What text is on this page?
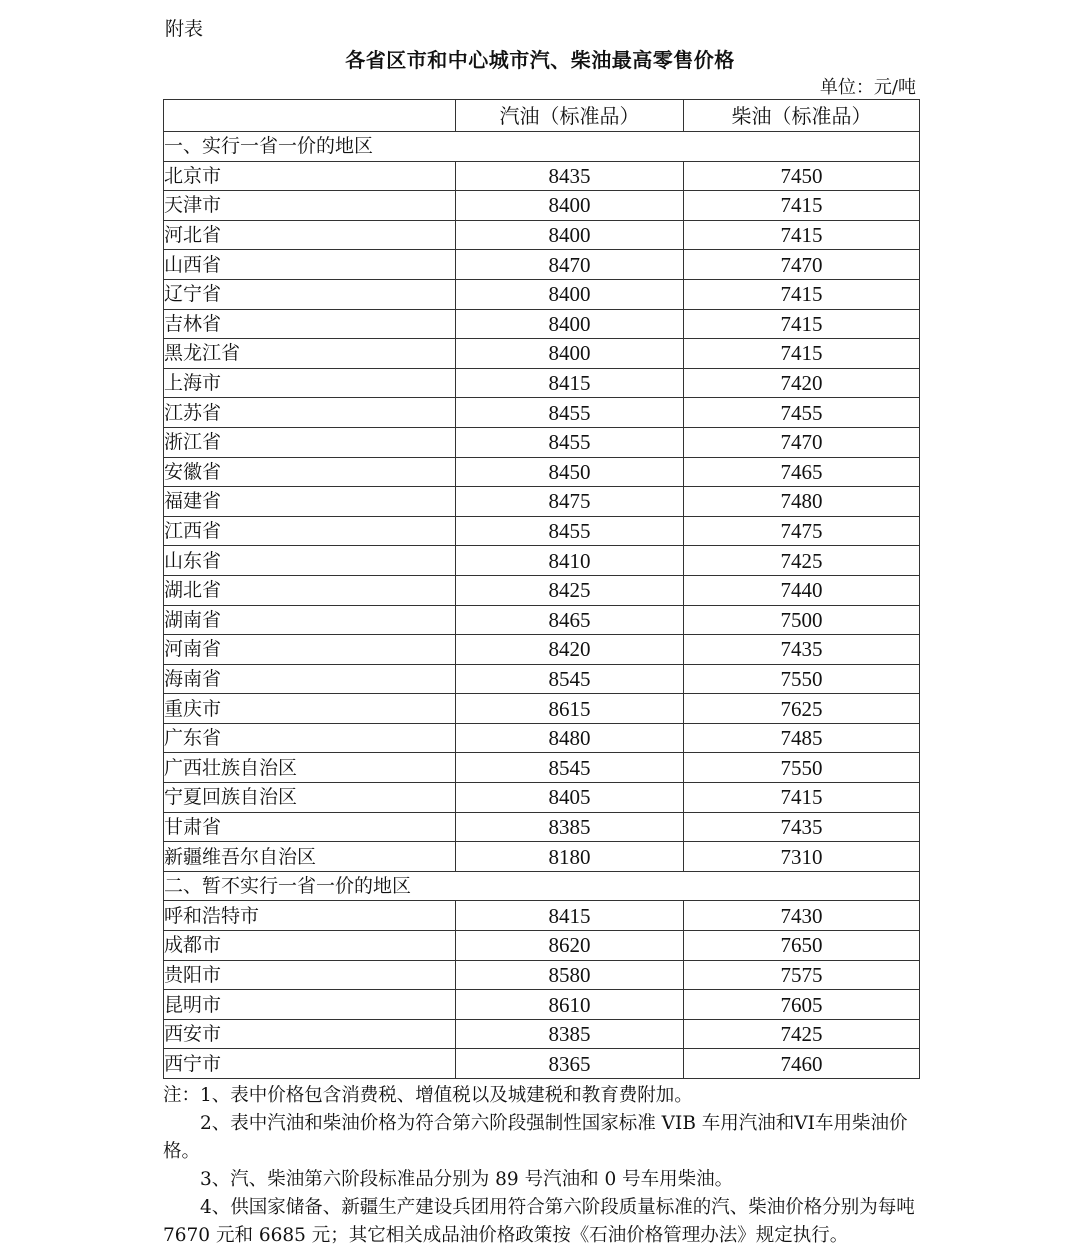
附表
各省区市和中心城市汽、柴油最高零售价格
单位：元/吨
	汽油（标准品）	柴油（标准品）
一、实行一省一价的地区		
北京市	8435	7450
天津市	8400	7415
河北省	8400	7415
山西省	8470	7470
辽宁省	8400	7415
吉林省	8400	7415
黑龙江省	8400	7415
上海市	8415	7420
江苏省	8455	7455
浙江省	8455	7470
安徽省	8450	7465
福建省	8475	7480
江西省	8455	7475
山东省	8410	7425
湖北省	8425	7440
湖南省	8465	7500
河南省	8420	7435
海南省	8545	7550
重庆市	8615	7625
广东省	8480	7485
广西壮族自治区	8545	7550
宁夏回族自治区	8405	7415
甘肃省	8385	7435
新疆维吾尔自治区	8180	7310
二、暂不实行一省一价的地区		
呼和浩特市	8415	7430
成都市	8620	7650
贵阳市	8580	7575
昆明市	8610	7605
西安市	8385	7425
西宁市	8365	7460

注：1、表中价格包含消费税、增值税以及城建税和教育费附加。

2、表中汽油和柴油价格为符合第六阶段强制性国家标准 VIB 车用汽油和VI车用柴油价格。

3、汽、柴油第六阶段标准品分别为 89 号汽油和 0 号车用柴油。

4、供国家储备、新疆生产建设兵团用符合第六阶段质量标准的汽、柴油价格分别为每吨 7670 元和 6685 元；其它相关成品油价格政策按《石油价格管理办法》规定执行。
